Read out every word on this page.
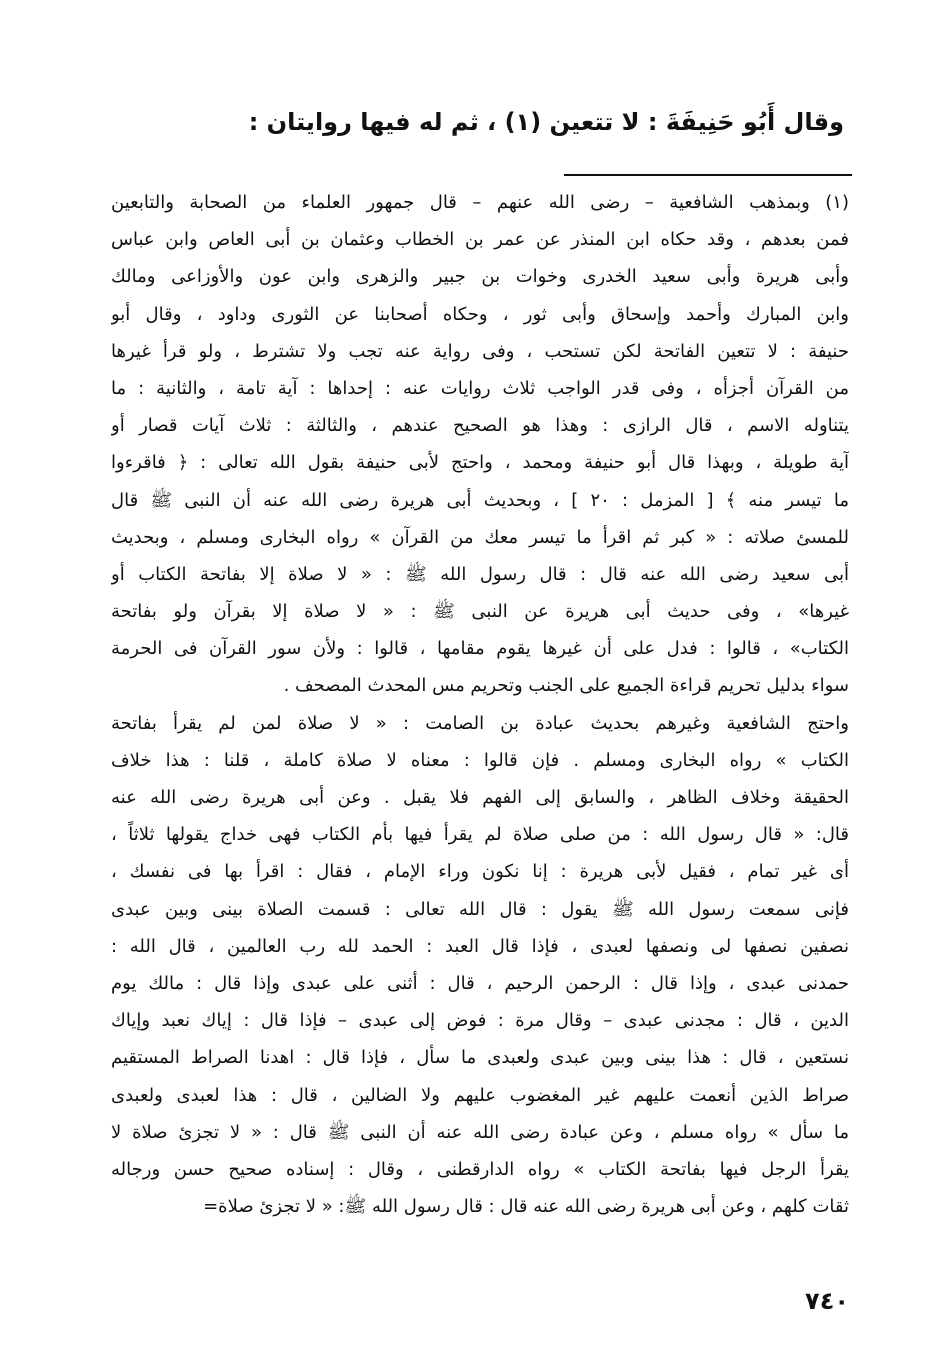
وقال أَبُو حَنِيفَةَ : لا تتعين (١) ، ثم له فيها روايتان :
(١) وبمذهب الشافعية – رضى الله عنهم – قال جمهور العلماء من الصحابة والتابعين
فمن بعدهم ، وقد حكاه ابن المنذر عن عمر بن الخطاب وعثمان بن أبى العاص وابن عباس
وأبى هريرة وأبى سعيد الخدرى وخوات بن جبير والزهرى وابن عون والأوزاعى ومالك
وابن المبارك وأحمد وإسحاق وأبى ثور ، وحكاه أصحابنا عن الثورى وداود ، وقال أبو
حنيفة : لا تتعين الفاتحة لكن تستحب ، وفى رواية عنه تجب ولا تشترط ، ولو قرأ غيرها
من القرآن أجزأه ، وفى قدر الواجب ثلاث روايات عنه : إحداها : آية تامة ، والثانية : ما
يتناوله الاسم ، قال الرازى : وهذا هو الصحيح عندهم ، والثالثة : ثلاث آيات قصار أو
آية طويلة ، وبهذا قال أبو حنيفة ومحمد ، واحتج لأبى حنيفة بقول الله تعالى : ﴿ فاقرءوا
ما تيسر منه ﴾ [ المزمل : ٢٠ ] ، وبحديث أبى هريرة رضى الله عنه أن النبى ﷺ قال
للمسئ صلاته : « كبر ثم اقرأ ما تيسر معك من القرآن » رواه البخارى ومسلم ، وبحديث
أبى سعيد رضى الله عنه قال : قال رسول الله ﷺ : « لا صلاة إلا بفاتحة الكتاب أو
غيرها» ، وفى حديث أبى هريرة عن النبى ﷺ : « لا صلاة إلا بقرآن ولو بفاتحة
الكتاب» ، قالوا : فدل على أن غيرها يقوم مقامها ، قالوا : ولأن سور القرآن فى الحرمة
سواء بدليل تحريم قراءة الجميع على الجنب وتحريم مس المحدث المصحف .
واحتج الشافعية وغيرهم بحديث عبادة بن الصامت : « لا صلاة لمن لم يقرأ بفاتحة
الكتاب » رواه البخارى ومسلم . فإن قالوا : معناه لا صلاة كاملة ، قلنا : هذا خلاف
الحقيقة وخلاف الظاهر ، والسابق إلى الفهم فلا يقبل . وعن أبى هريرة رضى الله عنه
قال: « قال رسول الله : من صلى صلاة لم يقرأ فيها بأم الكتاب فهى خداج يقولها ثلاثاً ،
أى غير تمام ، فقيل لأبى هريرة : إنا نكون وراء الإمام ، فقال : اقرأ بها فى نفسك ،
فإنى سمعت رسول الله ﷺ يقول : قال الله تعالى : قسمت الصلاة بينى وبين عبدى
نصفين نصفها لى ونصفها لعبدى ، فإذا قال العبد : الحمد لله رب العالمين ، قال الله :
حمدنى عبدى ، وإذا قال : الرحمن الرحيم ، قال : أثنى على عبدى وإذا قال : مالك يوم
الدين ، قال : مجدنى عبدى – وقال مرة : فوض إلى عبدى – فإذا قال : إياك نعبد وإياك
نستعين ، قال : هذا بينى وبين عبدى ولعبدى ما سأل ، فإذا قال : اهدنا الصراط المستقيم
صراط الذين أنعمت عليهم غير المغضوب عليهم ولا الضالين ، قال : هذا لعبدى ولعبدى
ما سأل » رواه مسلم ، وعن عبادة رضى الله عنه أن النبى ﷺ قال : « لا تجزئ صلاة لا
يقرأ الرجل فيها بفاتحة الكتاب » رواه الدارقطنى ، وقال : إسناده صحيح حسن ورجاله
ثقات كلهم ، وعن أبى هريرة رضى الله عنه قال : قال رسول الله ﷺ: « لا تجزئ صلاة=
٧٤٠
